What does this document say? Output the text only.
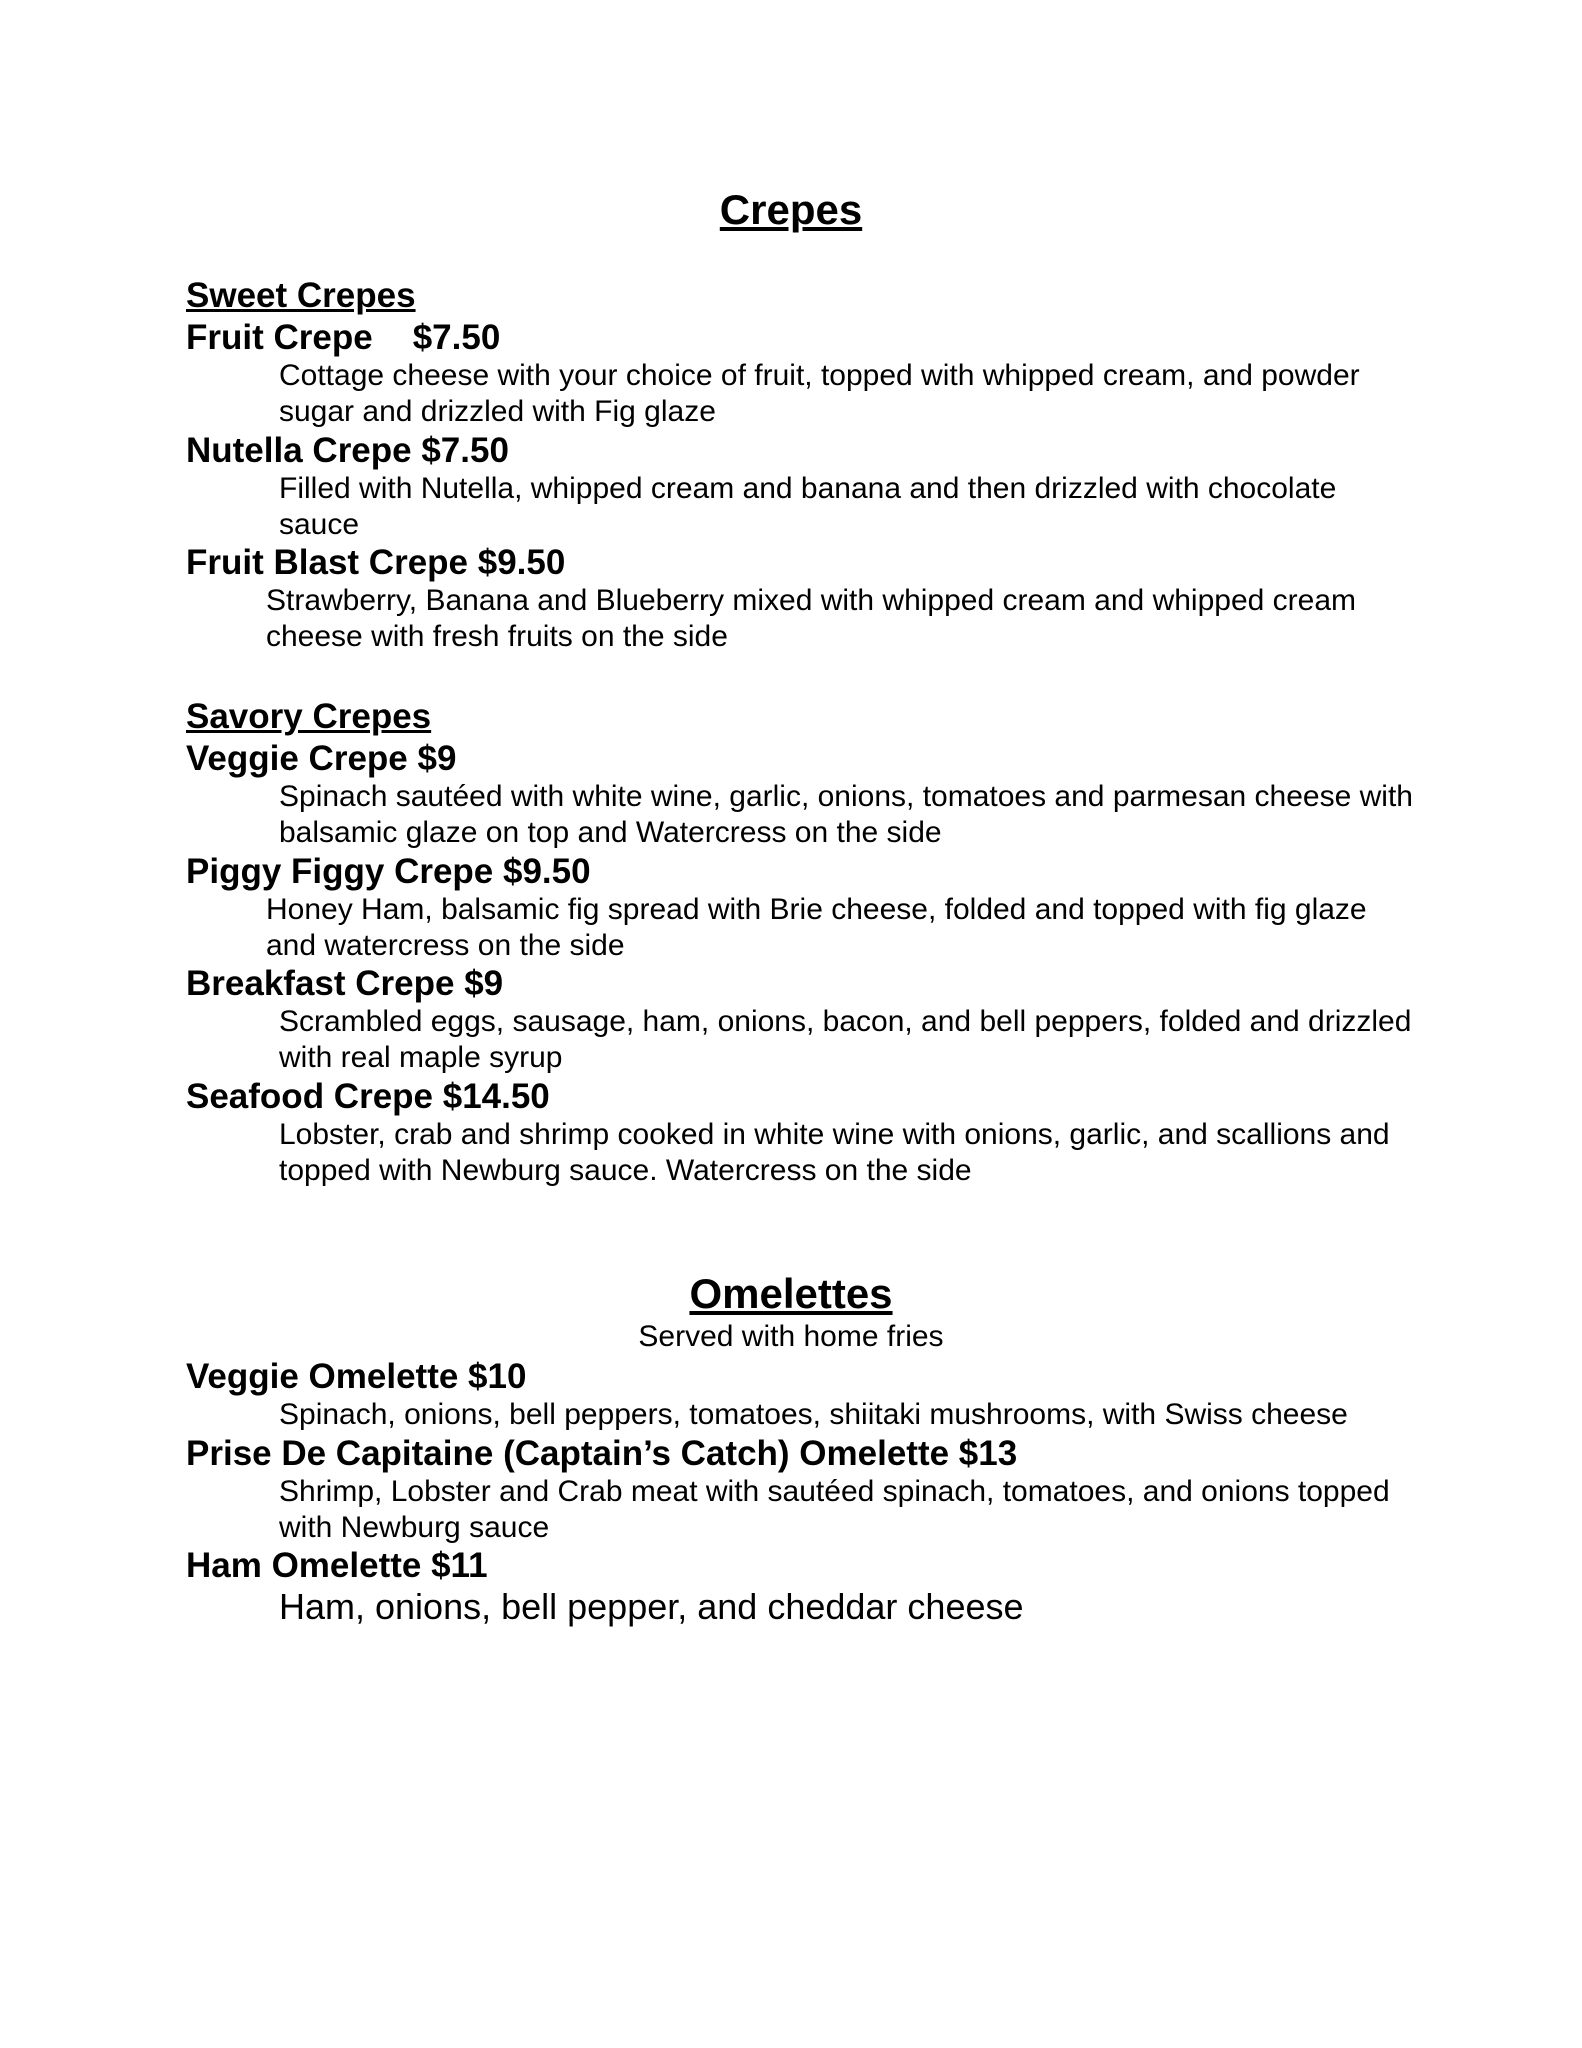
Crepes
Sweet Crepes
Fruit Crepe $7.50
Cottage cheese with your choice of fruit, topped with whipped cream, and powder sugar and drizzled with Fig glaze
Nutella Crepe $7.50
Filled with Nutella, whipped cream and banana and then drizzled with chocolate sauce
Fruit Blast Crepe $9.50
Strawberry, Banana and Blueberry mixed with whipped cream and whipped cream cheese with fresh fruits on the side
Savory Crepes
Veggie Crepe $9
Spinach sautéed with white wine, garlic, onions, tomatoes and parmesan cheese with balsamic glaze on top and Watercress on the side
Piggy Figgy Crepe $9.50
Honey Ham, balsamic fig spread with Brie cheese, folded and topped with fig glaze and watercress on the side
Breakfast Crepe $9
Scrambled eggs, sausage, ham, onions, bacon, and bell peppers, folded and drizzled with real maple syrup
Seafood Crepe $14.50
Lobster, crab and shrimp cooked in white wine with onions, garlic, and scallions and topped with Newburg sauce. Watercress on the side
Omelettes
Served with home fries
Veggie Omelette $10
Spinach, onions, bell peppers, tomatoes, shiitaki mushrooms, with Swiss cheese
Prise De Capitaine (Captain’s Catch) Omelette $13
Shrimp, Lobster and Crab meat with sautéed spinach, tomatoes, and onions topped with Newburg sauce
Ham Omelette $11
Ham, onions, bell pepper, and cheddar cheese
